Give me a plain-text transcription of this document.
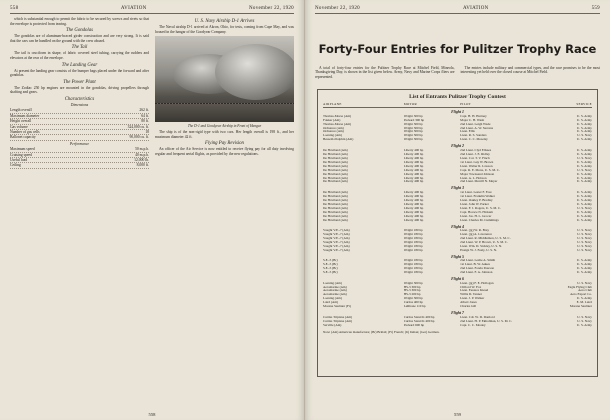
558	AVIATION	November 22, 1920

which is substantial enough to permit the fabric to be secured by screws and rivets so that the envelope is protected from tearing.

The Gondolas

The gondolas are of aluminum-braced girder construction and are very strong. It is said that the cars can be handled on the ground with the crew aboard.

The Tail

The tail is cruciform in shape, of fabric covered steel tubing, carrying the rudders and elevators at the rear of the envelope.

The Landing Gear

At present the landing gear consists of the bumper bags placed under the forward and after gondolas.

The Power Plant

The Zodiac 250 hp engines are mounted in the gondolas, driving propellers through shafting and gears.

Characteristics
Dimensions
Length overall	262 ft.
Maximum diameter	64 ft.
Height overall	80 ft.
Gas volume	324,000 cu. ft.
Number of gas cells	18
Ballonet capacity	90,000 cu. ft.
Performance
Maximum speed	50 m.p.h.
Cruising speed	40 m.p.h.
Useful load	12,000 lb.
Ceiling	8,000 ft.
U. S. Navy Airship D-1 Arrives

The Naval airship D-1 arrived at Akron, Ohio, for tests, coming from Cape May, and was housed in the hangar of the Goodyear Company.

The D-1 and Goodyear Airship in Front of Hangar

The ship is of the non-rigid type with two cars. Her length overall is 198 ft., and her maximum diameter 42 ft.

Flying Pay Revision

An officer of the Air Service is now entitled to receive flying pay for all duty involving regular and frequent aerial flights, as provided by the new regulations.

558
November 22, 1920	AVIATION	559
Forty-Four Entries for Pulitzer Trophy Race

A total of forty-four entries for the Pulitzer Trophy Race at Mitchel Field, Mineola, Thanksgiving Day, is shown in the list given below. Army, Navy and Marine Corps fliers are represented.

The entries include military and commercial types, and the race promises to be the most interesting yet held over the closed course at Mitchel Field.

List of Entrants Pulitzer Trophy Contest
AIRPLANE	MOTOR	PILOT	SERVICE
Flight 1
Thomas-Morse (Am)	Wright 300 hp	Capt. H. H. Hartney	U. S. Army
Fokker (Am)	Packard 300 hp	Major C. H. Wash	U. S. Army
Thomas-Morse (Am)	Wright 300 hp	2nd Lieut. Leigh Wade	U. S. Army
Ordnance (Am)	Wright 300 hp	2nd Lieut. A. W. Stevens	U. S. Army
Ordnance (Am)	Wright 300 hp	Lieut. Ellis	U. S. Army
Loening (Am)	Wright 300 hp	Lieut. R. S. Sanders	U. S. Navy
Bessetti-Dolphin (Am)	Wright 300 hp	Lieut. C. C. Moseley	U. S. Army
Flight 2
De Haviland (Am)	Liberty 400 hp	2nd Lieut. Clyd Ellsaes	U. S. Army
De Haviland (Am)	Liberty 400 hp	2nd Lieut. J. E. Ridley	U. S. Army
De Haviland (Am)	Liberty 400 hp	Lieut. Col. T. V. Finch	U. S. Navy
De Haviland (Am)	Liberty 400 hp	1st Lieut. Guy W. Brown	U. S. Army
De Haviland (Am)	Liberty 400 hp	Lieut. Walter R. Lawson	U. S. Army
De Haviland (Am)	Liberty 400 hp	Capt. R. E. Mons, U. S. M. C.	U. S. Navy
De Haviland (Am)	Liberty 400 hp	Major Townsend Johnson	U. S. Army
De Haviland (Am)	Liberty 400 hp	Lieut. A. L. Hobson	U. S. Army
De Haviland (Am)	Liberty 400 hp	2nd Lieut. Merrill N. Meyer	U. S. Army
Flight 3
De Haviland (Am)	Liberty 400 hp	1st Lieut. Lester F. Fore	U. S. Army
De Haviland (Am)	Liberty 400 hp	1st Lieut. Franklin Walker	U. S. Army
De Haviland (Am)	Liberty 400 hp	Lieut. Oakley P. Bradley	U. S. Army
De Haviland (Am)	Liberty 400 hp	Lieut. John W. Parker	U. S. Army
De Haviland (Am)	Liberty 400 hp	Lieut. F. J. Rogers, U. S. M. C.	U. S. Navy
De Haviland (Am)	Liberty 400 hp	Capt. Horace N. Hickam	U. S. Army
De Haviland (Am)	Liberty 400 hp	Lieut. Jas. H. L. Grocer	U. S. Army
De Haviland (Am)	Liberty 400 hp	Lieut. Charles M. Cummings	U. S. Army
Flight 4
Vought V.E.-7 (Am)	Wright 180 hp	Lieut. (jg) W. R. Bray	U. S. Navy
Vought V.E.-7 (Am)	Wright 180 hp	Lieut. (jg) A. Laverence	U. S. Navy
Vought V.E.-7 (Am)	Wright 180 hp	2nd Lieut. R. Middlemon, U. S. M. C.	U. S. Navy
Vought V.E.-7 (Am)	Wright 180 hp	2nd Lieut. W. P. Brown, U. S. M. C.	U. S. Navy
Vought V.E.-7 (Am)	Wright 180 hp	Lieut. Wm. D. Sickley, U. S. N.	U. S. Navy
Vought V.E.-7 (Am)	Wright 180 hp	Ensign W. J. Feely, U. S. N.	U. S. Navy
Flight 5
S.E.-5 (Br)	Wright 180 hp	2nd Lieut. Leslie A. Smith	U. S. Army
S.E.-5 (Br)	Wright 180 hp	1st Lieut. B. W. Aukes	U. S. Army
S.E.-5 (Br)	Wright 180 hp	2nd Lieut. Fonda Pearson	U. S. Army
S.E.-5 (Br)	Wright 180 hp	2nd Lieut. F. A. Johnson	U. S. Army
Flight 6
Loening (Am)	Wright 300 hp	Lieut. (jg) F. E. Hollogan	U. S. Navy
Aeromarine (Am)	HS-3 300 hp	Clifford W. Fox	Eagle Flying Club
Aeromarine (Am)	HS-3 300 hp	Lieut. Eustace Kiesel	Aero Club
Aeromarine (Am)	HS-3 200 hp	Willis D. Tanner	Aero Export Co.
Loening (Am)	Wright 300 hp	Lieut. J. P. Walker	U. S. Army
Laird (Am)	Curtiss 400 hp	Albert Jones	E. M. Laird
Morane Saulnier (Fr)	LeRhone 110 hp	Charles Gill	Morane Saulnier
Flight 7
Curtiss Triplane (Am)	Curtiss Stand K 400 hp	Lieut. Cdr. W. D. Danford	U. S. Navy
Curtiss Triplane (Am)	Curtiss Stand K 400 hp	2nd Lieut. H. P. Ekhofman, U. S. M. C.	U. S. Navy
Verville (Am)	Packard 600 hp	Capt. C. C. Mosley	U. S. Army
Note: (Am) American manufacture; (Br) British; (Fr) French; (It) Italian; (Ger) German.
559
